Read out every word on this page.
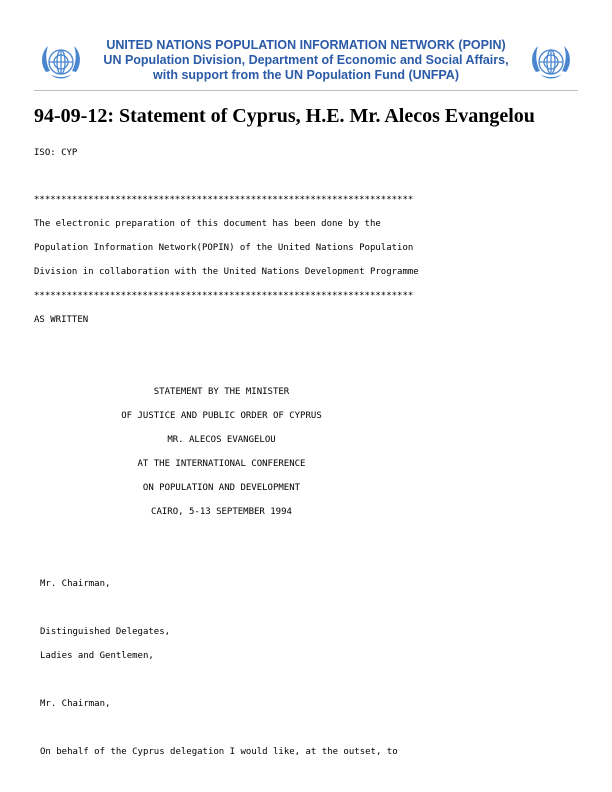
UNITED NATIONS POPULATION INFORMATION NETWORK (POPIN)
UN Population Division, Department of Economic and Social Affairs,
with support from the UN Population Fund (UNFPA)
94-09-12: Statement of Cyprus, H.E. Mr. Alecos Evangelou
ISO: CYP
**********************************************************************
The electronic preparation of this document has been done by the
Population Information Network(POPIN) of the United Nations Population
Division in collaboration with the United Nations Development Programme
**********************************************************************
AS WRITTEN
STATEMENT BY THE MINISTER
OF JUSTICE AND PUBLIC ORDER OF CYPRUS
MR. ALECOS EVANGELOU
AT THE INTERNATIONAL CONFERENCE
ON POPULATION AND DEVELOPMENT
CAIRO, 5-13 SEPTEMBER 1994
Mr. Chairman,
Distinguished Delegates,
Ladies and Gentlemen,
Mr. Chairman,
On behalf of the Cyprus delegation I would like, at the outset, to
